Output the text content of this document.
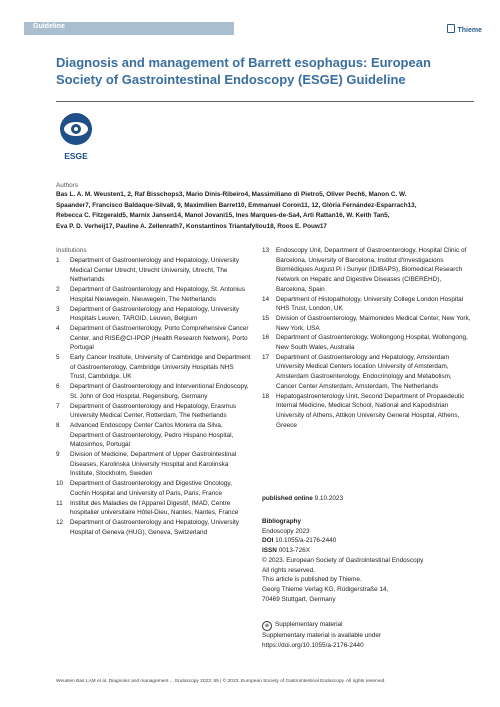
Guideline
Thieme
Diagnosis and management of Barrett esophagus: European Society of Gastrointestinal Endoscopy (ESGE) Guideline
ESGE
Authors
Bas L. A. M. Weusten1, 2, Raf Bisschops3, Mario Dinis-Ribeiro4, Massimiliano di Pietro5, Oliver Pech6, Manon C. W.
Spaander7, Francisco Baldaque-Silva8, 9, Maximilien Barret10, Emmanuel Coron11, 12, Glòria Fernández-Esparrach13,
Rebecca C. Fitzgerald5, Marnix Jansen14, Manol Jovani15, Ines Marques-de-Sa4, Arti Rattan16, W. Keith Tan5,
Eva P. D. Verheij17, Pauline A. Zellenrath7, Konstantinos Triantafyllou18, Roos E. Pouw17
Institutions
1	Department of Gastroenterology and Hepatology, University Medical Center Utrecht, Utrecht University, Utrecht, The Netherlands
2	Department of Gastroenterology and Hepatology, St. Antonius Hospital Nieuwegein, Nieuwegein, The Netherlands
3	Department of Gastroenterology and Hepatology, University Hospitals Leuven, TARGID, Leuven, Belgium
4	Department of Gastroenterology, Porto Comprehensive Cancer Center, and RISE@CI-IPOP (Health Research Network), Porto Portugal
5	Early Cancer Institute, University of Cambridge and Department of Gastroenterology, Cambridge University Hospitals NHS Trust, Cambridge, UK
6	Department of Gastroenterology and Interventional Endoscopy, St. John of God Hospital, Regensburg, Germany
7	Department of Gastroenterology and Hepatology, Erasmus University Medical Center, Rotterdam, The Netherlands
8	Advanced Endoscopy Center Carlos Moreira da Silva, Department of Gastroenterology, Pedro Hispano Hospital, Matosinhos, Portugal
9	Division of Medicine, Department of Upper Gastrointestinal Diseases, Karolinska University Hospital and Karolinska Institute, Stockholm, Sweden
10	Department of Gastroenterology and Digestive Oncology, Cochin Hospital and University of Paris, Paris, France
11	Institut des Maladies de l'Appareil Digestif, IMAD, Centre hospitalier universitaire Hôtel-Dieu, Nantes, Nantes, France
12	Department of Gastroenterology and Hepatology, University Hospital of Geneva (HUG), Geneva, Switzerland
13	Endoscopy Unit, Department of Gastroenterology, Hospital Clinic of Barcelona, University of Barcelona, Institut d'Investigacions Biomèdiques August Pi i Sunyer (IDIBAPS), Biomedical Research Network on Hepatic and Digestive Diseases (CIBEREHD), Barcelona, Spain
14	Department of Histopathology, University College London Hospital NHS Trust, London, UK
15	Division of Gastroenterology, Maimonides Medical Center, New York, New York, USA
16	Department of Gastroenterology, Wollongong Hospital, Wollongong, New South Wales, Australia
17	Department of Gastroenterology and Hepatology, Amsterdam University Medical Centers location University of Amsterdam, Amsterdam Gastroenterology, Endocrinology and Metabolism, Cancer Center Amsterdam, Amsterdam, The Netherlands
18	Hepatogastroenterology Unit, Second Department of Propaedeutic Internal Medicine, Medical School, National and Kapodistrian University of Athens, Attikon University General Hospital, Athens, Greece
published online 9.10.2023
Bibliography
Endoscopy 2023
DOI 10.1055/a-2176-2440
ISSN 0013-726X
© 2023. European Society of Gastrointestinal Endoscopy
All rights reserved.
This article is published by Thieme.
Georg Thieme Verlag KG, Rüdigerstraße 14,
70469 Stuttgart, Germany
⊕ Supplementary material
Supplementary material is available under
https://doi.org/10.1055/a-2176-2440
Weusten Bas LAM et al. Diagnosis and management ... Endoscopy 2023; 55 | © 2023. European Society of Gastrointestinal Endoscopy. All rights reserved.
